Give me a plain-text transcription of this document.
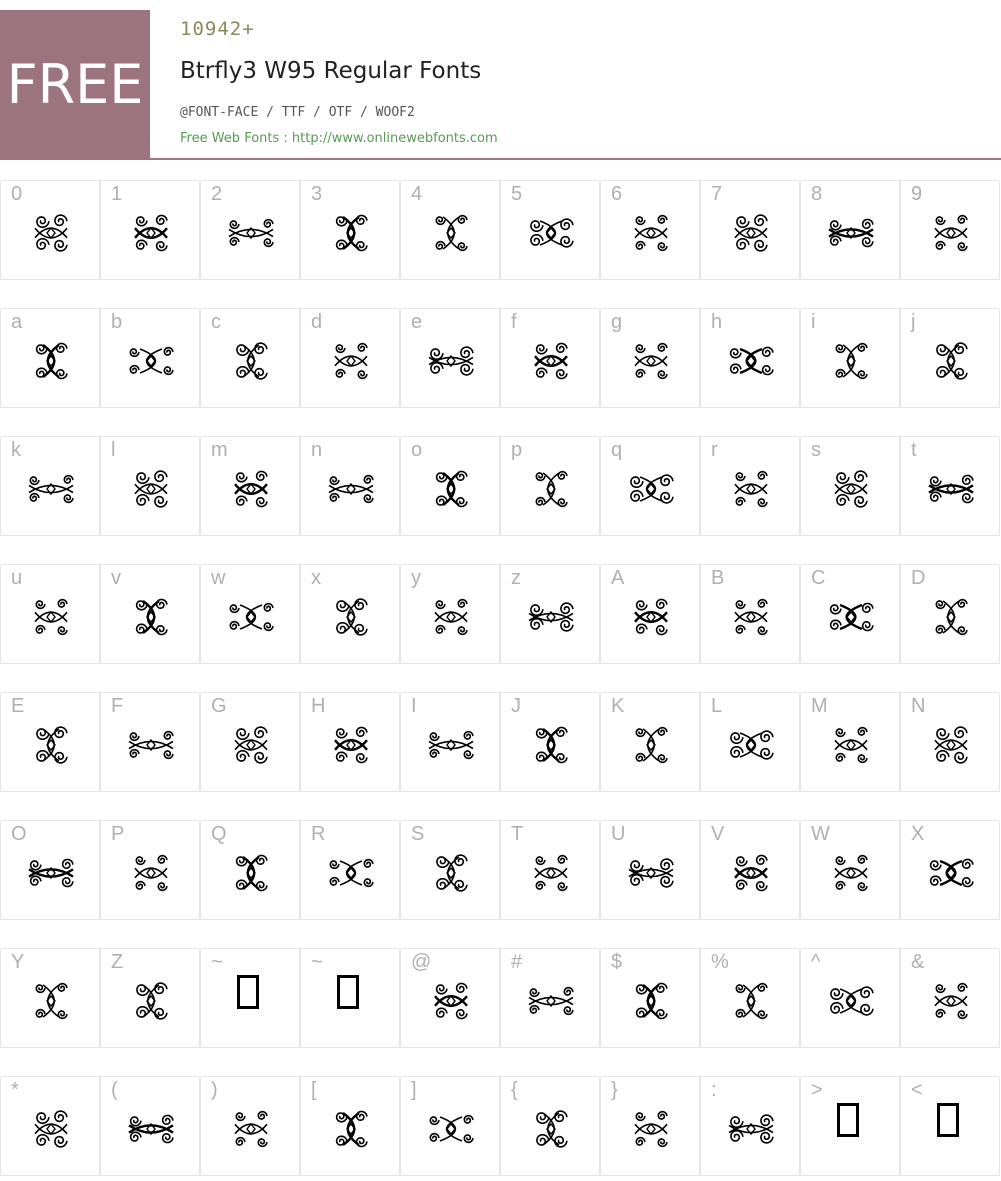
FREE
10942+
Btrfly3 W95 Regular Fonts
@FONT-FACE / TTF / OTF / WOOF2
Free Web Fonts : http://www.onlinewebfonts.com
0	1	2	3	4	5	6	7	8	9
a	b	c	d	e	f	g	h	i	j
k	l	m	n	o	p	q	r	s	t
u	v	w	x	y	z	A	B	C	D
E	F	G	H	I	J	K	L	M	N
O	P	Q	R	S	T	U	V	W	X
Y	Z	~	~	@	#	$	%	^	&
*	(	)	[	]	{	}	:	>	<
